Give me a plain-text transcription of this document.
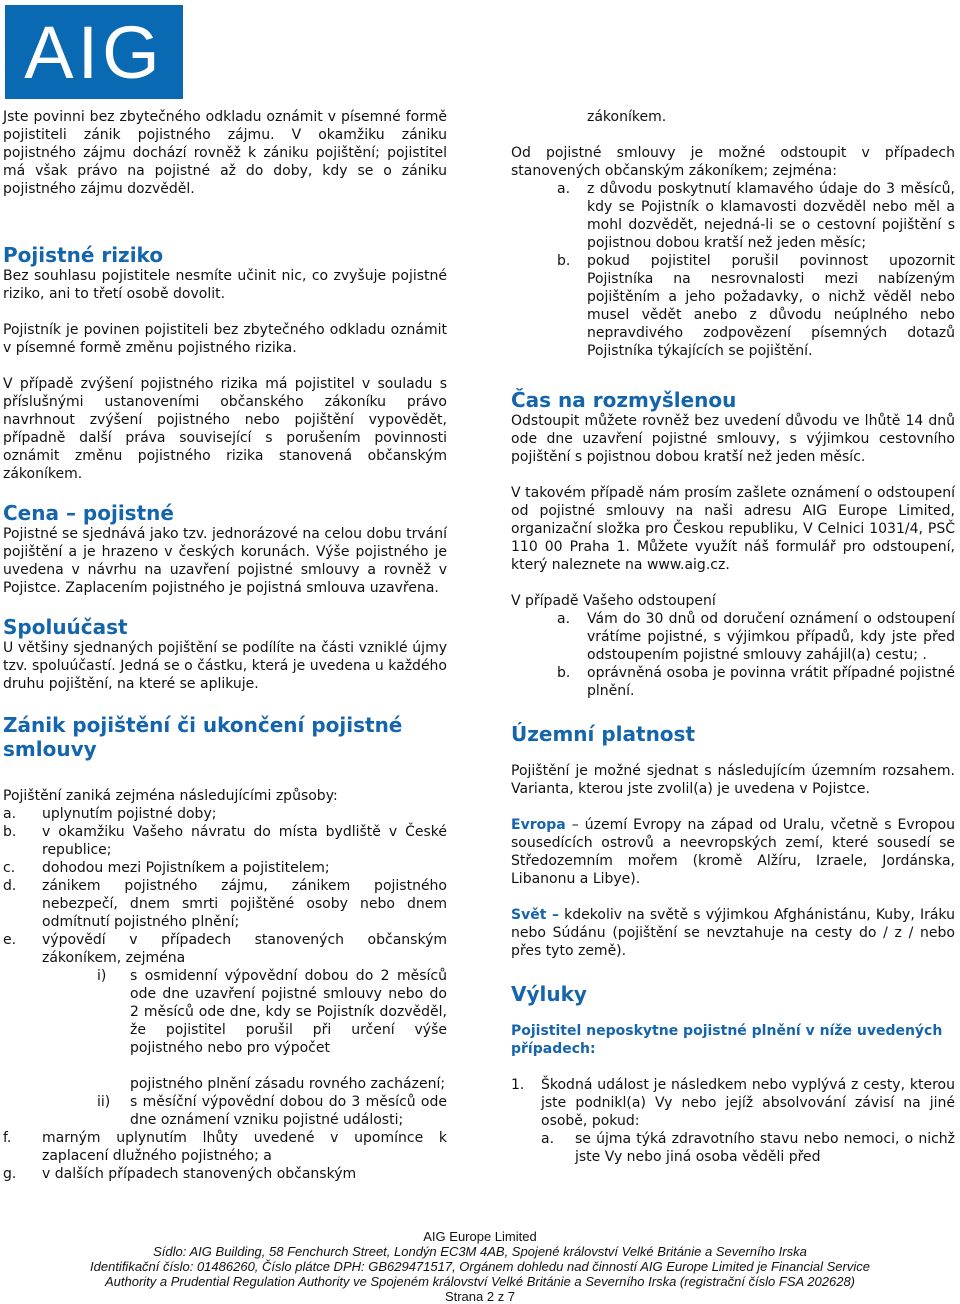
AIG

Jste povinni bez zbytečného odkladu oznámit v písemné formě pojistiteli zánik pojistného zájmu. V okamžiku zániku pojistného zájmu dochází rovněž k zániku pojištění; pojistitel má však právo na pojistné až do doby, kdy se o zániku pojistného zájmu dozvěděl.

Pojistné riziko

Bez souhlasu pojistitele nesmíte učinit nic, co zvyšuje pojistné riziko, ani to třetí osobě dovolit.

Pojistník je povinen pojistiteli bez zbytečného odkladu oznámit v písemné formě změnu pojistného rizika.

V případě zvýšení pojistného rizika má pojistitel v souladu s příslušnými ustanoveními občanského zákoníku právo navrhnout zvýšení pojistného nebo pojištění vypovědět, případně další práva související s porušením povinnosti oznámit změnu pojistného rizika stanovená občanským zákoníkem.

Cena – pojistné

Pojistné se sjednává jako tzv. jednorázové na celou dobu trvání pojištění a je hrazeno v českých korunách. Výše pojistného je uvedena v návrhu na uzavření pojistné smlouvy a rovněž v Pojistce. Zaplacením pojistného je pojistná smlouva uzavřena.

Spoluúčast

U většiny sjednaných pojištění se podílíte na části vzniklé újmy tzv. spoluúčastí. Jedná se o částku, která je uvedena u každého druhu pojištění, na které se aplikuje.

Zánik pojištění či ukončení pojistné smlouvy

Pojištění zaniká zejména následujícími způsoby:

a. uplynutím pojistné doby;
b. v okamžiku Vašeho návratu do místa bydliště v České republice;
c. dohodou mezi Pojistníkem a pojistitelem;
d. zánikem pojistného zájmu, zánikem pojistného nebezpečí, dnem smrti pojištěné osoby nebo dnem odmítnutí pojistného plnění;
e. výpovědí v případech stanovených občanským zákoníkem, zejména
i) s osmidenní výpovědní dobou do 2 měsíců ode dne uzavření pojistné smlouvy nebo do 2 měsíců ode dne, kdy se Pojistník dozvěděl, že pojistitel porušil při určení výše pojistného nebo pro výpočet
pojistného plnění zásadu rovného zacházení;
ii) s měsíční výpovědní dobou do 3 měsíců ode dne oznámení vzniku pojistné události;
f. marným uplynutím lhůty uvedené v upomínce k zaplacení dlužného pojistného; a
g. v dalších případech stanovených občanským

zákoníkem.

Od pojistné smlouvy je možné odstoupit v případech stanovených občanským zákoníkem; zejména:

a. z důvodu poskytnutí klamavého údaje do 3 měsíců, kdy se Pojistník o klamavosti dozvěděl nebo měl a mohl dozvědět, nejedná-li se o cestovní pojištění s pojistnou dobou kratší než jeden měsíc;
b. pokud pojistitel porušil povinnost upozornit Pojistníka na nesrovnalosti mezi nabízeným pojištěním a jeho požadavky, o nichž věděl nebo musel vědět anebo z důvodu neúplného nebo nepravdivého zodpovězení písemných dotazů Pojistníka týkajících se pojištění.
Čas na rozmyšlenou

Odstoupit můžete rovněž bez uvedení důvodu ve lhůtě 14 dnů ode dne uzavření pojistné smlouvy, s výjimkou cestovního pojištění s pojistnou dobou kratší než jeden měsíc.

V takovém případě nám prosím zašlete oznámení o odstoupení od pojistné smlouvy na naši adresu AIG Europe Limited, organizační složka pro Českou republiku, V Celnici 1031/4, PSČ 110 00 Praha 1. Můžete využít náš formulář pro odstoupení, který naleznete na www.aig.cz.

V případě Vašeho odstoupení

a. Vám do 30 dnů od doručení oznámení o odstoupení vrátíme pojistné, s výjimkou případů, kdy jste před odstoupením pojistné smlouvy zahájil(a) cestu; .
b. oprávněná osoba je povinna vrátit případné pojistné plnění.
Územní platnost

Pojištění je možné sjednat s následujícím územním rozsahem. Varianta, kterou jste zvolil(a) je uvedena v Pojistce.

Evropa – území Evropy na západ od Uralu, včetně s Evropou sousedících ostrovů a neevropských zemí, které sousedí se Středozemním mořem (kromě Alžíru, Izraele, Jordánska, Libanonu a Libye).

Svět – kdekoliv na světě s výjimkou Afghánistánu, Kuby, Iráku nebo Súdánu (pojištění se nevztahuje na cesty do / z / nebo přes tyto země).

Výluky

Pojistitel neposkytne pojistné plnění v níže uvedených případech:

1. Škodná událost je následkem nebo vyplývá z cesty, kterou jste podnikl(a) Vy nebo jejíž absolvování závisí na jiné osobě, pokud:
a. se újma týká zdravotního stavu nebo nemoci, o nichž jste Vy nebo jiná osoba věděli před
AIG Europe Limited
Sídlo: AIG Building, 58 Fenchurch Street, Londýn EC3M 4AB, Spojené království Velké Británie a Severního Irska
Identifikační číslo: 01486260, Číslo plátce DPH: GB629471517, Orgánem dohledu nad činností AIG Europe Limited je Financial Service
Authority a Prudential Regulation Authority ve Spojeném království Velké Británie a Severního Irska (registrační číslo FSA 202628)
Strana 2 z 7
